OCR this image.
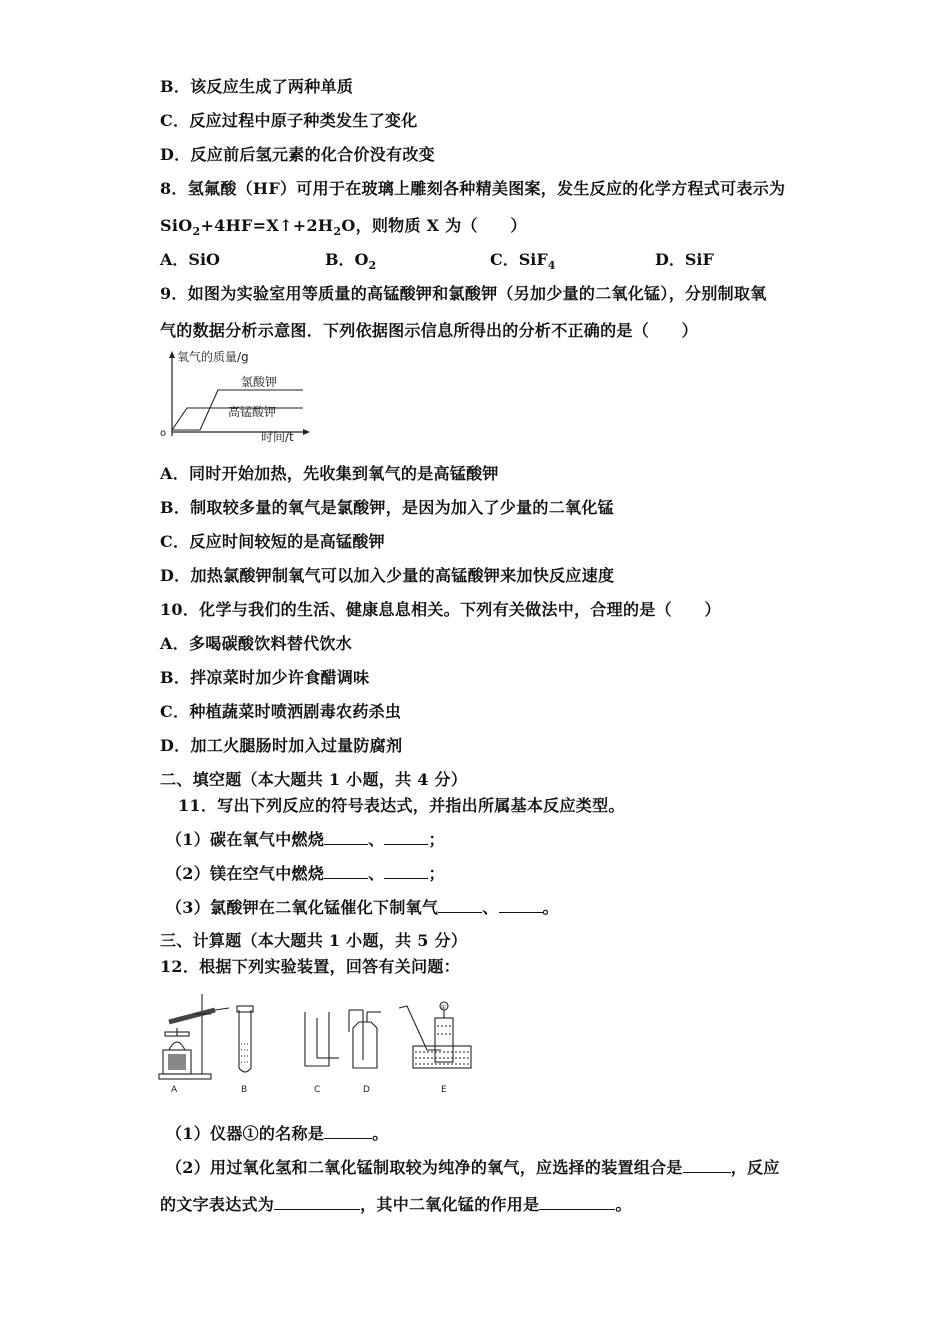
B．该反应生成了两种单质
C．反应过程中原子种类发生了变化
D．反应前后氢元素的化合价没有改变
8．氢氟酸（HF）可用于在玻璃上雕刻各种精美图案，发生反应的化学方程式可表示为
$SiO_2+4HF=X↑+2H_2O$，则物质 X 为（　　）
A．SiO	B．$O_2$	C．SiF$_4$	D．SiF
9．如图为实验室用等质量的高锰酸钾和氯酸钾（另加少量的二氧化锰），分别制取氧
气的数据分析示意图．下列依据图示信息所得出的分析不正确的是（　　）
氧气的质量/g
时间/t
o
氯酸钾
高锰酸钾
A．同时开始加热，先收集到氧气的是高锰酸钾
B．制取较多量的氧气是氯酸钾，是因为加入了少量的二氧化锰
C．反应时间较短的是高锰酸钾
D．加热氯酸钾制氧气可以加入少量的高锰酸钾来加快反应速度
10．化学与我们的生活、健康息息相关。下列有关做法中，合理的是（　　）
A．多喝碳酸饮料替代饮水
B．拌凉菜时加少许食醋调味
C．种植蔬菜时喷洒剧毒农药杀虫
D．加工火腿肠时加入过量防腐剂
二、填空题（本大题共 1 小题，共 4 分）
11．写出下列反应的符号表达式，并指出所属基本反应类型。
（1）碳在氧气中燃烧	、	；
（2）镁在空气中燃烧	、	；
（3）氯酸钾在二氧化锰催化下制氧气	、	。
三、计算题（本大题共 1 小题，共 5 分）
12．根据下列实验装置，回答有关问题：
A	B	C	D
①
E
（1）仪器①的名称是	。
（2）用过氧化氢和二氧化锰制取较为纯净的氧气，应选择的装置组合是	，反应
的文字表达式为	，其中二氧化锰的作用是	。
